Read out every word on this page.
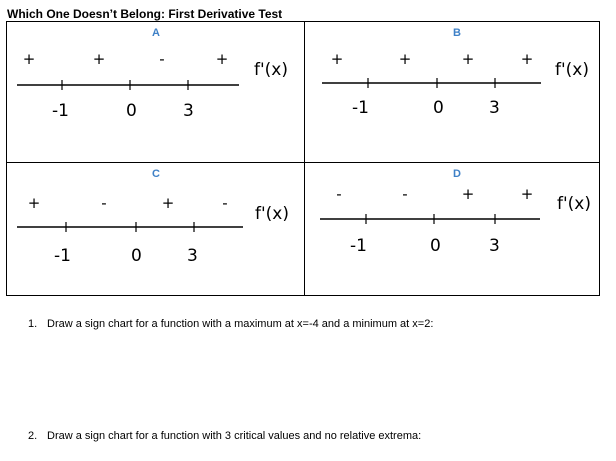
Which One Doesn’t Belong: First Derivative Test
A
+	+	-	+
-1	0	3
f'(x)
B
+	+	+	+
-1	0	3
f'(x)
C
+	-	+	-
-1	0	3
f'(x)
D
-	-	+	+
-1	0	3
f'(x)
1. Draw a sign chart for a function with a maximum at x=-4 and a minimum at x=2:
2. Draw a sign chart for a function with 3 critical values and no relative extrema:
